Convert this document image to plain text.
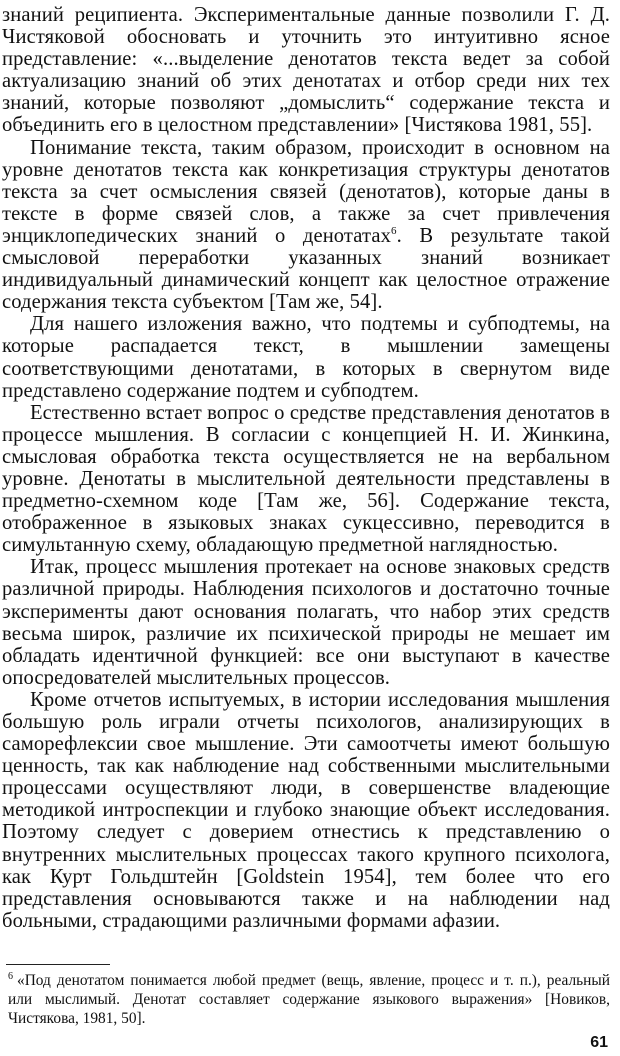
знаний реципиента. Экспериментальные данные позволили Г. Д. Чистяковой обосновать и уточнить это интуитивно ясное представление: «...выделение денотатов текста ведет за собой актуализацию знаний об этих денотатах и отбор среди них тех знаний, которые позволяют „домыслить“ содержание текста и объединить его в целостном представлении» [Чистякова 1981, 55].

Понимание текста, таким образом, происходит в основном на уровне денотатов текста как конкретизация структуры денотатов текста за счет осмысления связей (денотатов), которые даны в тексте в форме связей слов, а также за счет привлечения энциклопедических знаний о денотатах$^6$. В результате такой смысловой переработки указанных знаний возникает индивидуальный динамический концепт как целостное отражение содержания текста субъектом [Там же, 54].

Для нашего изложения важно, что подтемы и субподтемы, на которые распадается текст, в мышлении замещены соответствующими денотатами, в которых в свернутом виде представлено содержание подтем и субподтем.

Естественно встает вопрос о средстве представления денотатов в процессе мышления. В согласии с концепцией Н. И. Жинкина, смысловая обработка текста осуществляется не на вербальном уровне. Денотаты в мыслительной деятельности представлены в предметно-схемном коде [Там же, 56]. Содержание текста, отображенное в языковых знаках сукцессивно, переводится в симультанную схему, обладающую предметной наглядностью.

Итак, процесс мышления протекает на основе знаковых средств различной природы. Наблюдения психологов и достаточно точные эксперименты дают основания полагать, что набор этих средств весьма широк, различие их психической природы не мешает им обладать идентичной функцией: все они выступают в качестве опосредователей мыслительных процессов.

Кроме отчетов испытуемых, в истории исследования мышления большую роль играли отчеты психологов, анализирующих в саморефлексии свое мышление. Эти самоотчеты имеют большую ценность, так как наблюдение над собственными мыслительными процессами осуществляют люди, в совершенстве владеющие методикой интроспекции и глубоко знающие объект исследования. Поэтому следует с доверием отнестись к представлению о внутренних мыслительных процессах такого крупного психолога, как Курт Гольдштейн [Goldstein 1954], тем более что его представления основываются также и на наблюдении над больными, страдающими различными формами афазии.

$^6$ «Под денотатом понимается любой предмет (вещь, явление, процесс и т. п.), реальный или мыслимый. Денотат составляет содержание языкового выражения» [Новиков, Чистякова, 1981, 50].

61
